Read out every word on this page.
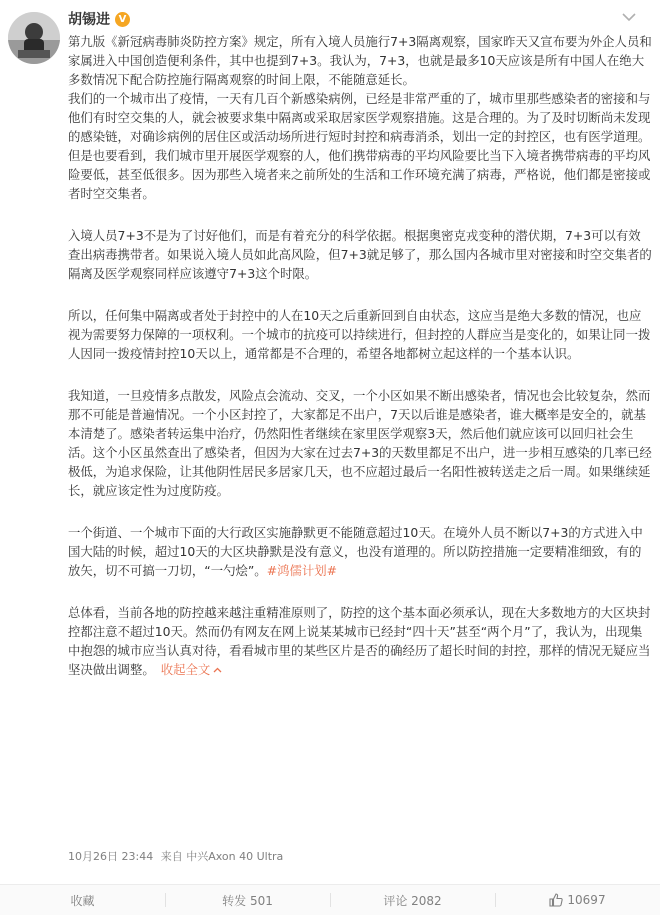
胡锡进 V

第九版《新冠病毒肺炎防控方案》规定，所有入境人员施行7+3隔离观察，国家昨天又宣布要为外企人员和家属进入中国创造便利条件，其中也提到7+3。我认为，7+3，也就是最多10天应该是所有中国人在绝大多数情况下配合防控施行隔离观察的时间上限，不能随意延长。

我们的一个城市出了疫情，一天有几百个新感染病例，已经是非常严重的了，城市里那些感染者的密接和与他们有时空交集的人，就会被要求集中隔离或采取居家医学观察措施。这是合理的。为了及时切断尚未发现的感染链，对确诊病例的居住区或活动场所进行短时封控和病毒消杀，划出一定的封控区，也有医学道理。但是也要看到，我们城市里开展医学观察的人，他们携带病毒的平均风险要比当下入境者携带病毒的平均风险要低，甚至低很多。因为那些入境者来之前所处的生活和工作环境充满了病毒，严格说，他们都是密接或者时空交集者。

入境人员7+3不是为了讨好他们，而是有着充分的科学依据。根据奥密克戎变种的潜伏期，7+3可以有效查出病毒携带者。如果说入境人员如此高风险，但7+3就足够了，那么国内各城市里对密接和时空交集者的隔离及医学观察同样应该遵守7+3这个时限。

所以，任何集中隔离或者处于封控中的人在10天之后重新回到自由状态，这应当是绝大多数的情况，也应视为需要努力保障的一项权利。一个城市的抗疫可以持续进行，但封控的人群应当是变化的，如果让同一拨人因同一拨疫情封控10天以上，通常都是不合理的，希望各地都树立起这样的一个基本认识。

我知道，一旦疫情多点散发，风险点会流动、交叉，一个小区如果不断出感染者，情况也会比较复杂，然而那不可能是普遍情况。一个小区封控了，大家都足不出户，7天以后谁是感染者，谁大概率是安全的，就基本清楚了。感染者转运集中治疗，仍然阳性者继续在家里医学观察3天，然后他们就应该可以回归社会生活。这个小区虽然查出了感染者，但因为大家在过去7+3的天数里都足不出户，进一步相互感染的几率已经极低，为追求保险，让其他阴性居民多居家几天，也不应超过最后一名阳性被转送走之后一周。如果继续延长，就应该定性为过度防疫。

一个街道、一个城市下面的大行政区实施静默更不能随意超过10天。在境外人员不断以7+3的方式进入中国大陆的时候，超过10天的大区块静默是没有意义，也没有道理的。所以防控措施一定要精准细致，有的放矢，切不可搞一刀切，“一勺烩”。#鸿儒计划#

总体看，当前各地的防控越来越注重精准原则了，防控的这个基本面必须承认，现在大多数地方的大区块封控都注意不超过10天。然而仍有网友在网上说某某城市已经封“四十天”甚至“两个月”了，我认为，出现集中抱怨的城市应当认真对待，看看城市里的某些区片是否的确经历了超长时间的封控，那样的情况无疑应当坚决做出调整。 收起全文

10月26日 23:44 来自 中兴Axon 40 Ultra
收藏	转发 501	评论 2082	10697
